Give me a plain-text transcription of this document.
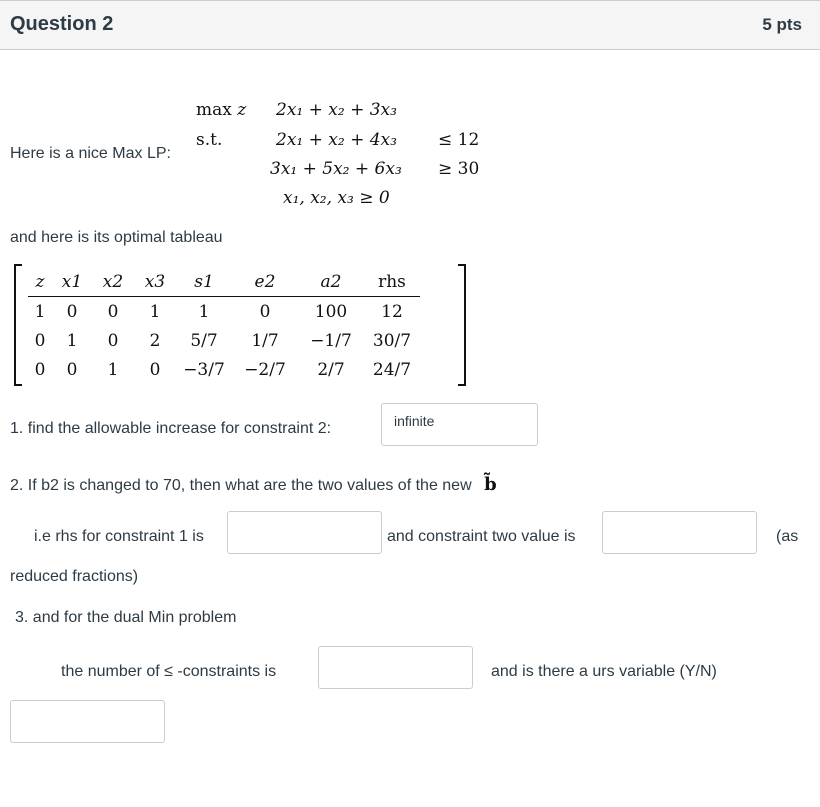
Question 2	5 pts
Here is a nice Max LP:
max z 2x₁ + x₂ + 3x₃
s.t.	2x₁ + x₂ + 4x₃ ≤ 12
3x₁ + 5x₂ + 6x₃ ≥ 30
x₁, x₂, x₃ ≥ 0
and here is its optimal tableau
z	x1	x2	x3	s1	e2	a2	rhs
1	0	0	1	1	0	100	12
0	1	0	2	5/7	1/7	−1/7	30/7
0	0	1	0	−3/7	−2/7	2/7	24/7
1. find the allowable increase for constraint 2:	infinite
2. If b2 is changed to 70, then what are the two values of the new b̃
i.e rhs for constraint 1 is	and constraint two value is	(as
reduced fractions)
3. and for the dual Min problem
the number of ≤ -constraints is	and is there a urs variable (Y/N)
